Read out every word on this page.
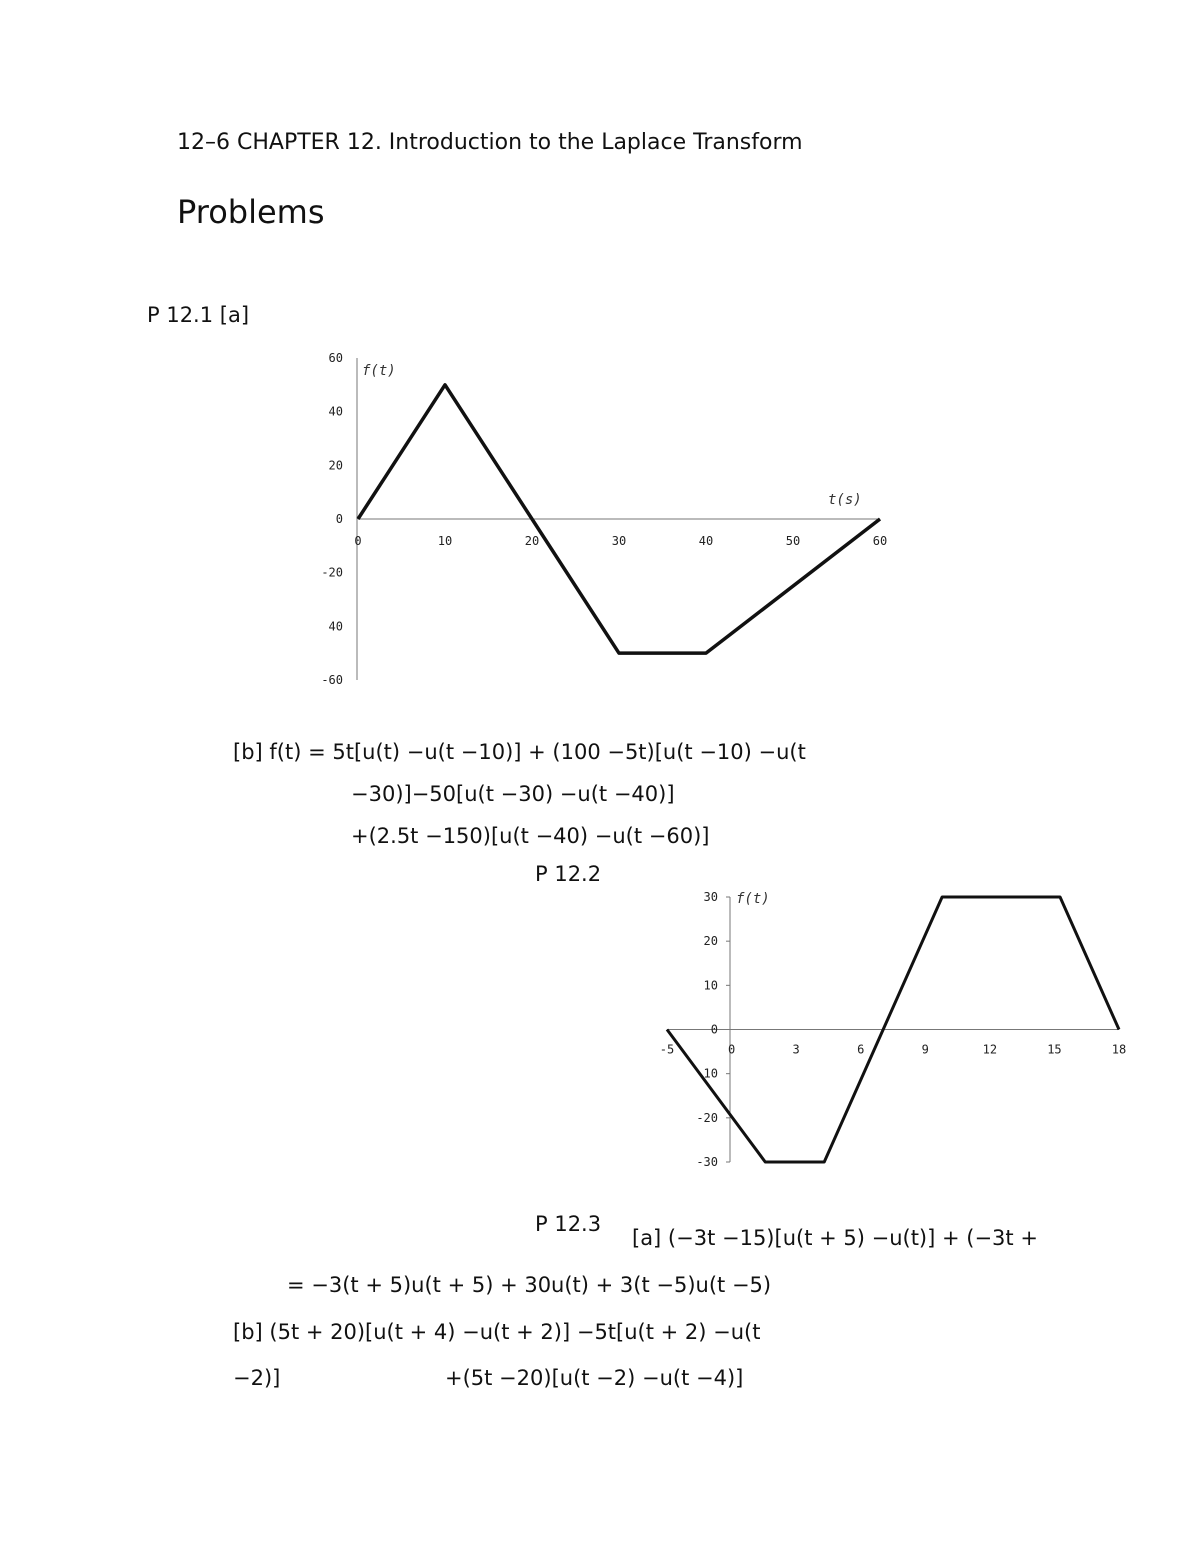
12–6 CHAPTER 12. Introduction to the Laplace Transform
Problems
P 12.1 [a]
0	10	20	30	40	50	60
60
40
20
0
-20
40
-60
f(t)
t(s)
[b] f(t) = 5t[u(t) −u(t −10)] + (100 −5t)[u(t −10) −u(t
−30)]−50[u(t −30) −u(t −40)]
+(2.5t −150)[u(t −40) −u(t −60)]
P 12.2
-5	0	3	6	9	12	15	18
30
20
10
0
-10
-20
-30
f(t)
P 12.3
[a] (−3t −15)[u(t + 5) −u(t)] + (−3t +
= −3(t + 5)u(t + 5) + 30u(t) + 3(t −5)u(t −5)
[b] (5t + 20)[u(t + 4) −u(t + 2)] −5t[u(t + 2) −u(t
−2)]	+(5t −20)[u(t −2) −u(t −4)]
